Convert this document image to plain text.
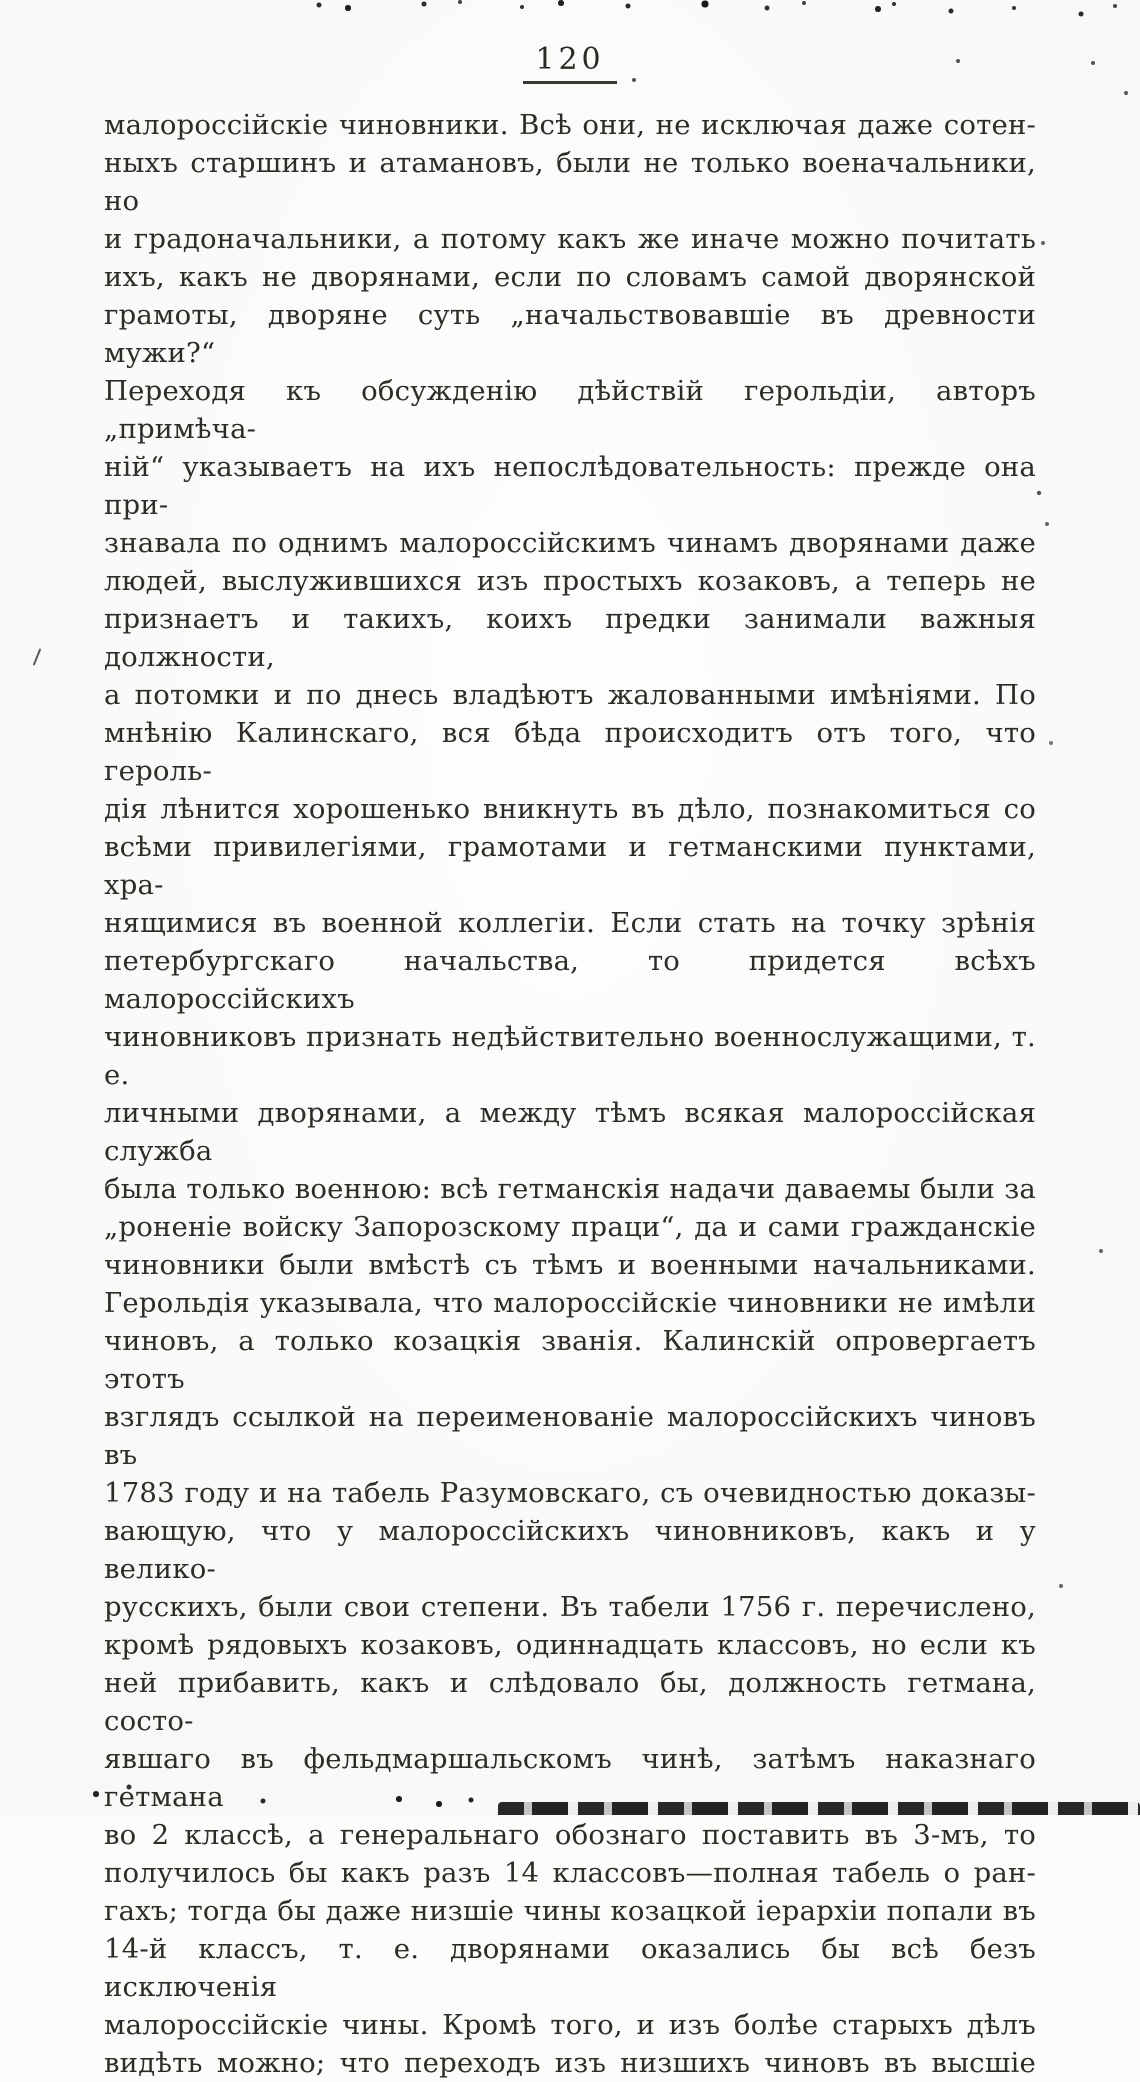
120
малороссійскіе чиновники. Всѣ они, не исключая даже сотен-
ныхъ старшинъ и атамановъ, были не только военачальники, но
и градоначальники, а потому какъ же иначе можно почитать
ихъ, какъ не дворянами, если по словамъ самой дворянской
грамоты, дворяне суть „начальствовавшіе въ древности мужи?“
Переходя къ обсужденію дѣйствій герольдіи, авторъ „примѣча-
ній“ указываетъ на ихъ непослѣдовательность: прежде она при-
знавала по однимъ малороссійскимъ чинамъ дворянами даже
людей, выслужившихся изъ простыхъ козаковъ, а теперь не
признаетъ и такихъ, коихъ предки занимали важныя должности,
а потомки и по днесь владѣютъ жалованными имѣніями. По
мнѣнію Калинскаго, вся бѣда происходитъ отъ того, что героль-
дія лѣнится хорошенько вникнуть въ дѣло, познакомиться со
всѣми привилегіями, грамотами и гетманскими пунктами, хра-
нящимися въ военной коллегіи. Если стать на точку зрѣнія
петербургскаго начальства, то придется всѣхъ малороссійскихъ
чиновниковъ признать недѣйствительно военнослужащими, т. е.
личными дворянами, а между тѣмъ всякая малороссійская служба
была только военною: всѣ гетманскія надачи даваемы были за
„роненіе войску Запорозскому праци“, да и сами гражданскіе
чиновники были вмѣстѣ съ тѣмъ и военными начальниками.
Герольдія указывала, что малороссійскіе чиновники не имѣли
чиновъ, а только козацкія званія. Калинскій опровергаетъ этотъ
взглядъ ссылкой на переименованіе малороссійскихъ чиновъ въ
1783 году и на табель Разумовскаго, съ очевидностью доказы-
вающую, что у малороссійскихъ чиновниковъ, какъ и у велико-
русскихъ, были свои степени. Въ табели 1756 г. перечислено,
кромѣ рядовыхъ козаковъ, одиннадцать классовъ, но если къ
ней прибавить, какъ и слѣдовало бы, должность гетмана, состо-
явшаго въ фельдмаршальскомъ чинѣ, затѣмъ наказнаго гетмана
во 2 классѣ, а генеральнаго обознаго поставить въ 3-мъ, то
получилось бы какъ разъ 14 классовъ—полная табель о ран-
гахъ; тогда бы даже низшіе чины козацкой іерархіи попали въ
14-й классъ, т. е. дворянами оказались бы всѣ безъ исключенія
малороссійскіе чины. Кромѣ того, и изъ болѣе старыхъ дѣлъ
видѣть можно; что переходъ изъ низшихъ чиновъ въ высшіе
